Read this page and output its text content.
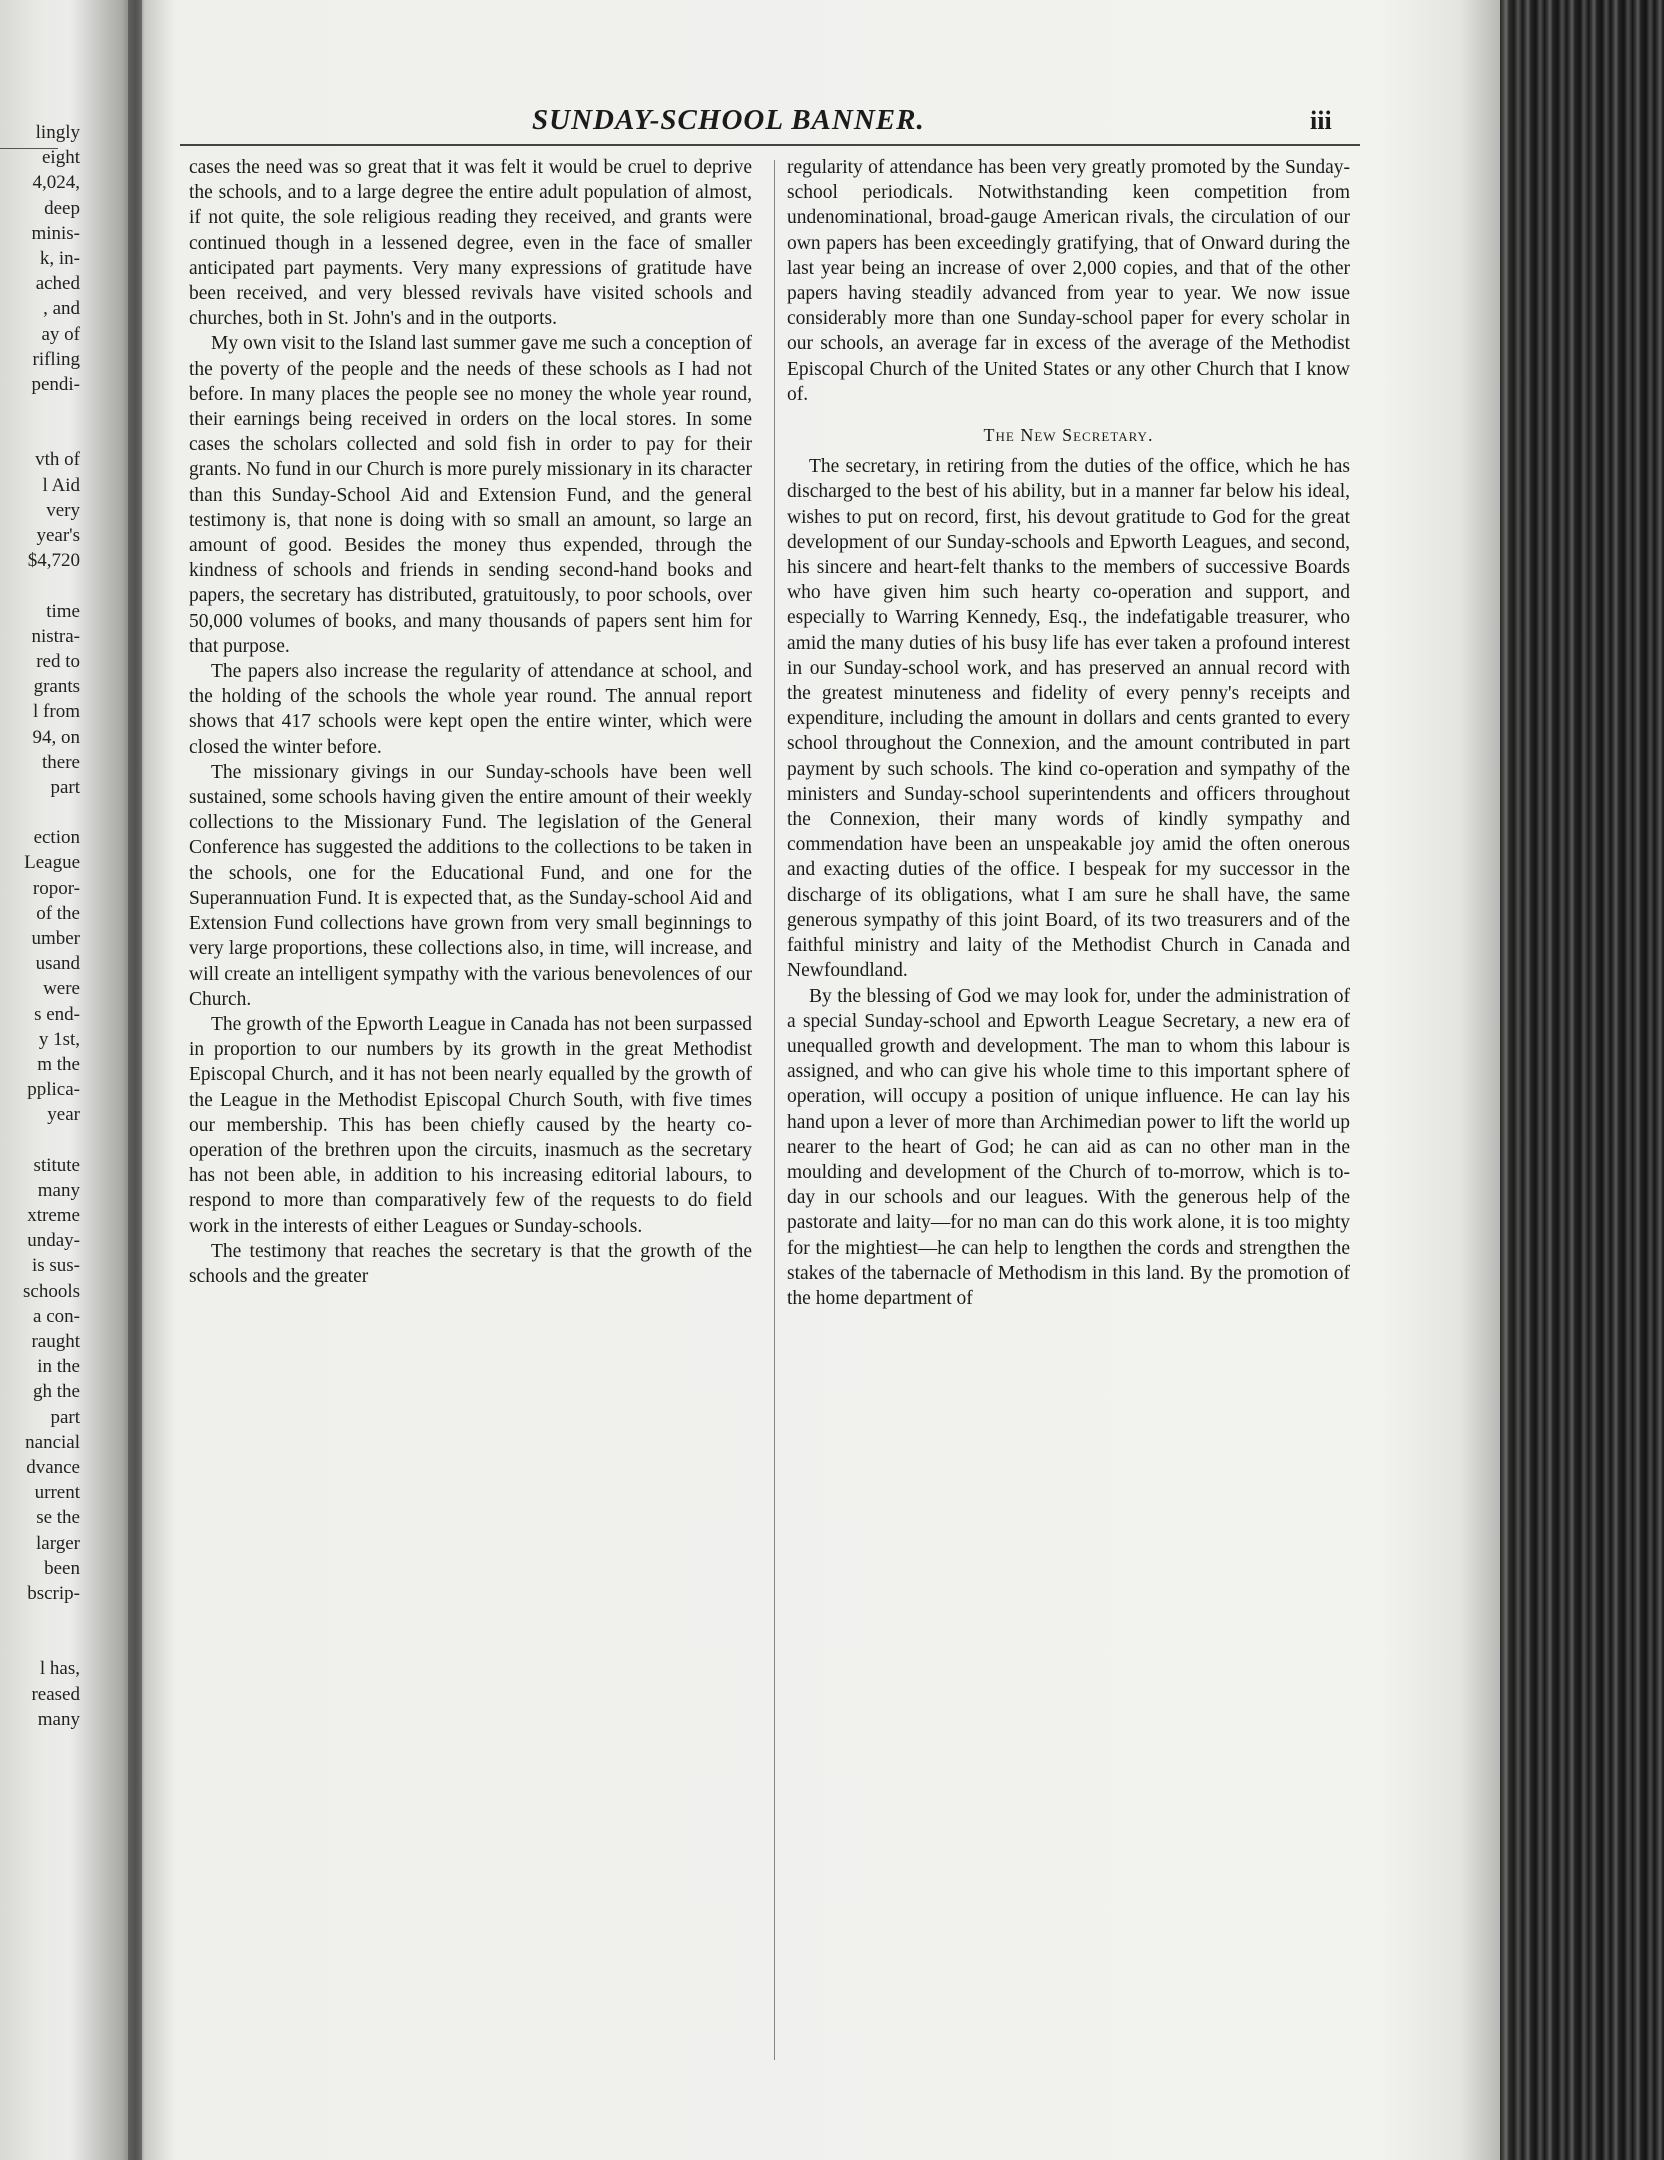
lingly
eight
4,024,
deep
minis-
k, in-
ached
, and
ay of
rifling
pendi-
vth of
l Aid
very
year's
$4,720
time
nistra-
red to
grants
l from
94, on
there
part
ection
League
ropor-
of the
umber
usand
were
s end-
y 1st,
m the
pplica-
year
stitute
many
xtreme
unday-
is sus-
schools
a con-
raught
in the
gh the
part
nancial
dvance
urrent
se the
larger
been
bscrip-
l has,
reased
many
SUNDAY-SCHOOL BANNER.	iii

cases the need was so great that it was felt it would be cruel to deprive the schools, and to a large degree the entire adult population of almost, if not quite, the sole religious reading they received, and grants were continued though in a lessened degree, even in the face of smaller anticipated part payments. Very many expressions of gratitude have been received, and very blessed revivals have visited schools and churches, both in St. John's and in the outports.

My own visit to the Island last summer gave me such a conception of the poverty of the people and the needs of these schools as I had not before. In many places the people see no money the whole year round, their earnings being received in orders on the local stores. In some cases the scholars collected and sold fish in order to pay for their grants. No fund in our Church is more purely missionary in its character than this Sunday-School Aid and Extension Fund, and the general testimony is, that none is doing with so small an amount, so large an amount of good. Besides the money thus expended, through the kindness of schools and friends in sending second-hand books and papers, the secretary has distributed, gratuitously, to poor schools, over 50,000 volumes of books, and many thousands of papers sent him for that purpose.

The papers also increase the regularity of attendance at school, and the holding of the schools the whole year round. The annual report shows that 417 schools were kept open the entire winter, which were closed the winter before.

The missionary givings in our Sunday-schools have been well sustained, some schools having given the entire amount of their weekly collections to the Missionary Fund. The legislation of the General Conference has suggested the additions to the collections to be taken in the schools, one for the Educational Fund, and one for the Superannuation Fund. It is expected that, as the Sunday-school Aid and Extension Fund collections have grown from very small beginnings to very large proportions, these collections also, in time, will increase, and will create an intelligent sympathy with the various benevolences of our Church.

The growth of the Epworth League in Canada has not been surpassed in proportion to our numbers by its growth in the great Methodist Episcopal Church, and it has not been nearly equalled by the growth of the League in the Methodist Episcopal Church South, with five times our membership. This has been chiefly caused by the hearty co-operation of the brethren upon the circuits, inasmuch as the secretary has not been able, in addition to his increasing editorial labours, to respond to more than comparatively few of the requests to do field work in the interests of either Leagues or Sunday-schools.

The testimony that reaches the secretary is that the growth of the schools and the greater

regularity of attendance has been very greatly promoted by the Sunday-school periodicals. Notwithstanding keen competition from undenominational, broad-gauge American rivals, the circulation of our own papers has been exceedingly gratifying, that of Onward during the last year being an increase of over 2,000 copies, and that of the other papers having steadily advanced from year to year. We now issue considerably more than one Sunday-school paper for every scholar in our schools, an average far in excess of the average of the Methodist Episcopal Church of the United States or any other Church that I know of.

The New Secretary.

The secretary, in retiring from the duties of the office, which he has discharged to the best of his ability, but in a manner far below his ideal, wishes to put on record, first, his devout gratitude to God for the great development of our Sunday-schools and Epworth Leagues, and second, his sincere and heart-felt thanks to the members of successive Boards who have given him such hearty co-operation and support, and especially to Warring Kennedy, Esq., the indefatigable treasurer, who amid the many duties of his busy life has ever taken a profound interest in our Sunday-school work, and has preserved an annual record with the greatest minuteness and fidelity of every penny's receipts and expenditure, including the amount in dollars and cents granted to every school throughout the Connexion, and the amount contributed in part payment by such schools. The kind co-operation and sympathy of the ministers and Sunday-school superintendents and officers throughout the Connexion, their many words of kindly sympathy and commendation have been an unspeakable joy amid the often onerous and exacting duties of the office. I bespeak for my successor in the discharge of its obligations, what I am sure he shall have, the same generous sympathy of this joint Board, of its two treasurers and of the faithful ministry and laity of the Methodist Church in Canada and Newfoundland.

By the blessing of God we may look for, under the administration of a special Sunday-school and Epworth League Secretary, a new era of unequalled growth and development. The man to whom this labour is assigned, and who can give his whole time to this important sphere of operation, will occupy a position of unique influence. He can lay his hand upon a lever of more than Archimedian power to lift the world up nearer to the heart of God; he can aid as can no other man in the moulding and development of the Church of to-morrow, which is to-day in our schools and our leagues. With the generous help of the pastorate and laity—for no man can do this work alone, it is too mighty for the mightiest—he can help to lengthen the cords and strengthen the stakes of the tabernacle of Methodism in this land. By the promotion of the home department of
